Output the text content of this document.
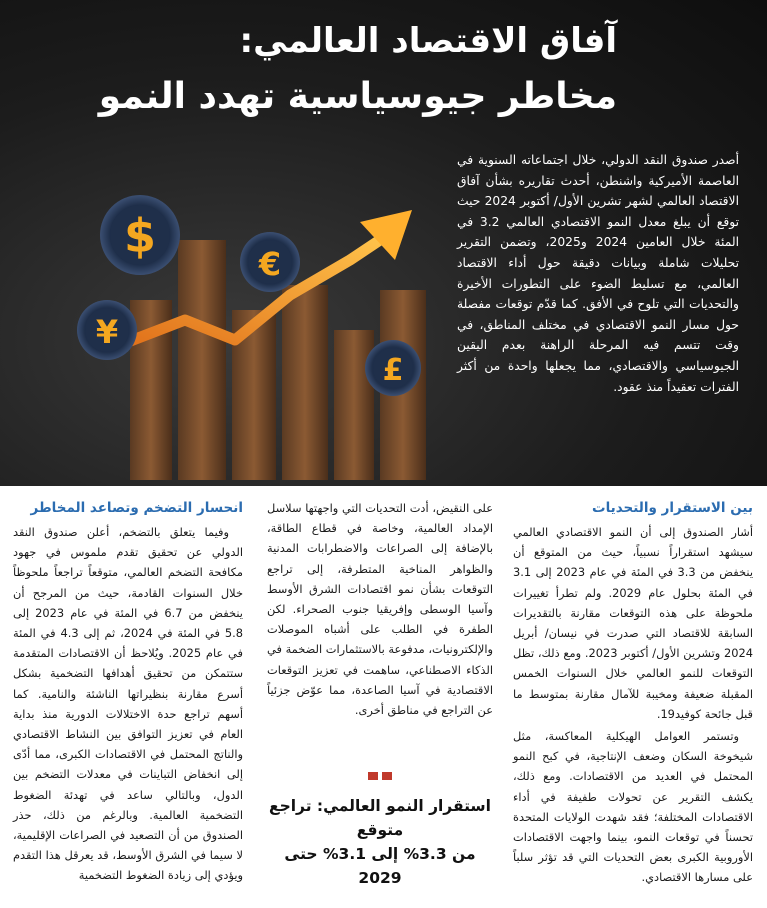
$
€
¥
£
آفاق الاقتصاد العالمي:
مخاطر جيوسياسية تهدد النمو

أصدر صندوق النقد الدولي، خلال اجتماعاته السنوية في العاصمة الأميركية واشنطن، أحدث تقاريره بشأن آفاق الاقتصاد العالمي لشهر تشرين الأول/ أكتوبر 2024 حيث توقع أن يبلغ معدل النمو الاقتصادي العالمي 3.2 في المئة خلال العامين 2024 و2025، وتضمن التقرير تحليلات شاملة وبيانات دقيقة حول أداء الاقتصاد العالمي، مع تسليط الضوء على التطورات الأخيرة والتحديات التي تلوح في الأفق. كما قدّم توقعات مفصلة حول مسار النمو الاقتصادي في مختلف المناطق، في وقت تتسم فيه المرحلة الراهنة بعدم اليقين الجيوسياسي والاقتصادي، مما يجعلها واحدة من أكثر الفترات تعقيداً منذ عقود.

بين الاستقرار والتحديات

أشار الصندوق إلى أن النمو الاقتصادي العالمي سيشهد استقراراً نسبياً، حيث من المتوقع أن ينخفض من 3.3 في المئة في عام 2023 إلى 3.1 في المئة بحلول عام 2029. ولم تطرأ تغييرات ملحوظة على هذه التوقعات مقارنة بالتقديرات السابقة للاقتصاد التي صدرت في نيسان/ أبريل 2024 وتشرين الأول/ أكتوبر 2023. ومع ذلك، تظل التوقعات للنمو العالمي خلال السنوات الخمس المقبلة ضعيفة ومخيبة للآمال مقارنة بمتوسط ما قبل جائحة كوفيد19.

وتستمر العوامل الهيكلية المعاكسة، مثل شيخوخة السكان وضعف الإنتاجية، في كبح النمو المحتمل في العديد من الاقتصادات. ومع ذلك، يكشف التقرير عن تحولات طفيفة في أداء الاقتصادات المختلفة؛ فقد شهدت الولايات المتحدة تحسناً في توقعات النمو، بينما واجهت الاقتصادات الأوروبية الكبرى بعض التحديات التي قد تؤثر سلباً على مسارها الاقتصادي.

على النقيض، أدت التحديات التي واجهتها سلاسل الإمداد العالمية، وخاصة في قطاع الطاقة، بالإضافة إلى الصراعات والاضطرابات المدنية والظواهر المناخية المتطرفة، إلى تراجع التوقعات بشأن نمو اقتصادات الشرق الأوسط وآسيا الوسطى وإفريقيا جنوب الصحراء. لكن الطفرة في الطلب على أشباه الموصلات والإلكترونيات، مدفوعة بالاستثمارات الضخمة في الذكاء الاصطناعي، ساهمت في تعزيز التوقعات الاقتصادية في آسيا الصاعدة، مما عوّض جزئياً عن التراجع في مناطق أخرى.

استقرار النمو العالمي: تراجع متوقع
من 3.3% إلى 3.1% حتى 2029
انحسار التضخم وتصاعد المخاطر

وفيما يتعلق بالتضخم، أعلن صندوق النقد الدولي عن تحقيق تقدم ملموس في جهود مكافحة التضخم العالمي، متوقعاً تراجعاً ملحوظاً خلال السنوات القادمة، حيث من المرجح أن ينخفض من 6.7 في المئة في عام 2023 إلى 5.8 في المئة في 2024، ثم إلى 4.3 في المئة في عام 2025. ويُلاحظ أن الاقتصادات المتقدمة ستتمكن من تحقيق أهدافها التضخمية بشكل أسرع مقارنة بنظيراتها الناشئة والنامية. كما أسهم تراجع حدة الاختلالات الدورية منذ بداية العام في تعزيز التوافق بين النشاط الاقتصادي والناتج المحتمل في الاقتصادات الكبرى، مما أدّى إلى انخفاض التباينات في معدلات التضخم بين الدول، وبالتالي ساعد في تهدئة الضغوط التضخمية العالمية. وبالرغم من ذلك، حذر الصندوق من أن التصعيد في الصراعات الإقليمية، لا سيما في الشرق الأوسط، قد يعرقل هذا التقدم ويؤدي إلى زيادة الضغوط التضخمية
